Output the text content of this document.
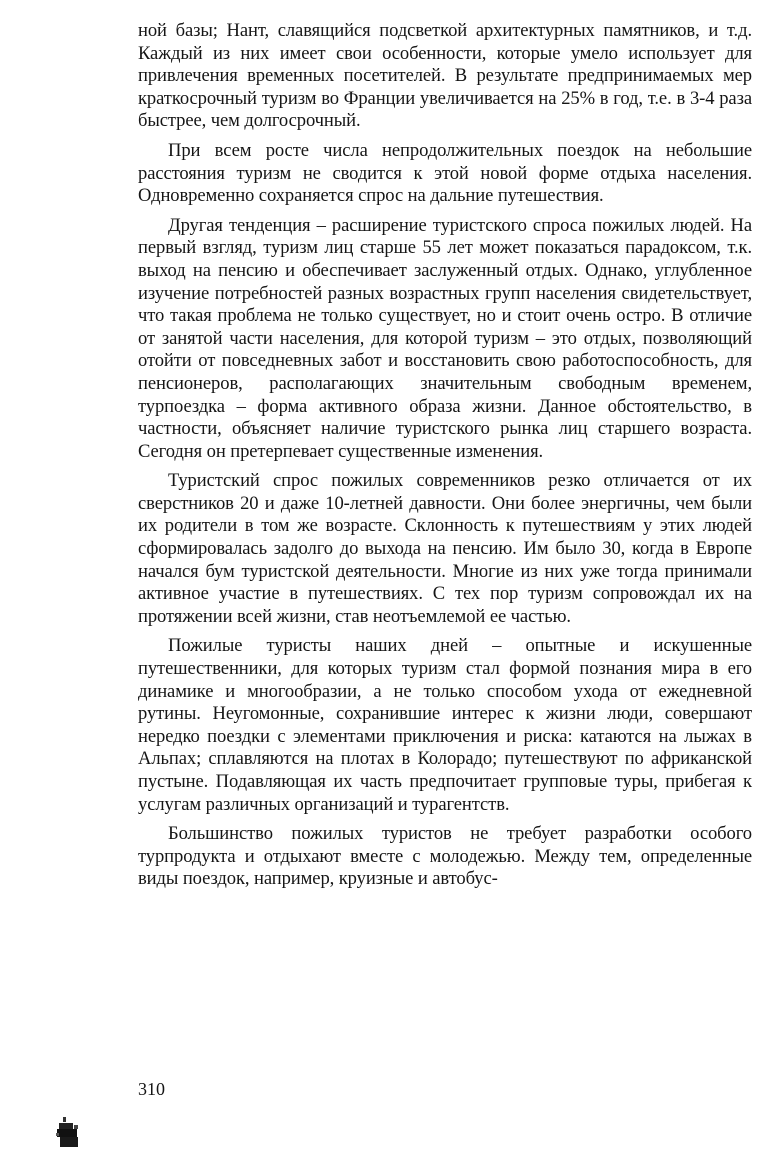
ной базы; Нант, славящийся подсветкой архитектурных памятников, и т.д. Каждый из них имеет свои особенности, которые умело использует для привлечения временных посетителей. В результате предпринимаемых мер краткосрочный туризм во Франции увеличивается на 25% в год, т.е. в 3-4 раза быстрее, чем долгосрочный.

При всем росте числа непродолжительных поездок на небольшие расстояния туризм не сводится к этой новой форме отдыха населения. Одновременно сохраняется спрос на дальние путешествия.

Другая тенденция – расширение туристского спроса пожилых людей. На первый взгляд, туризм лиц старше 55 лет может показаться парадоксом, т.к. выход на пенсию и обеспечивает заслуженный отдых. Однако, углубленное изучение потребностей разных возрастных групп населения свидетельствует, что такая проблема не только существует, но и стоит очень остро. В отличие от занятой части населения, для которой туризм – это отдых, позволяющий отойти от повседневных забот и восстановить свою работоспособность, для пенсионеров, располагающих значительным свободным временем, турпоездка – форма активного образа жизни. Данное обстоятельство, в частности, объясняет наличие туристского рынка лиц старшего возраста. Сегодня он претерпевает существенные изменения.

Туристский спрос пожилых современников резко отличается от их сверстников 20 и даже 10-летней давности. Они более энергичны, чем были их родители в том же возрасте. Склонность к путешествиям у этих людей сформировалась задолго до выхода на пенсию. Им было 30, когда в Европе начался бум туристской деятельности. Многие из них уже тогда принимали активное участие в путешествиях. С тех пор туризм сопровождал их на протяжении всей жизни, став неотъемлемой ее частью.

Пожилые туристы наших дней – опытные и искушенные путешественники, для которых туризм стал формой познания мира в его динамике и многообразии, а не только способом ухода от ежедневной рутины. Неугомонные, сохранившие интерес к жизни люди, совершают нередко поездки с элементами приключения и риска: катаются на лыжах в Альпах; сплавляются на плотах в Колорадо; путешествуют по африканской пустыне. Подавляющая их часть предпочитает групповые туры, прибегая к услугам различных организаций и турагентств.

Большинство пожилых туристов не требует разработки особого турпродукта и отдыхают вместе с молодежью. Между тем, определенные виды поездок, например, круизные и автобус-

310
